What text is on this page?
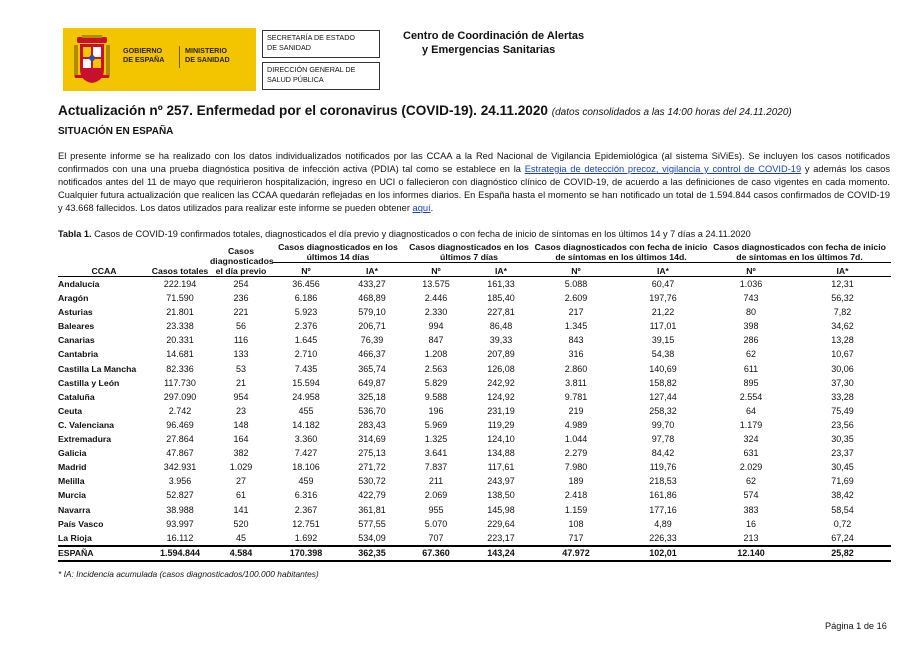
GOBIERNO
DE ESPAÑA
MINISTERIO
DE SANIDAD
SECRETARÍA DE ESTADO
DE SANIDAD
DIRECCIÓN GENERAL DE
SALUD PÚBLICA
Centro de Coordinación de Alertas
y Emergencias Sanitarias
Actualización nº 257. Enfermedad por el coronavirus (COVID-19). 24.11.2020 (datos consolidados a las 14:00 horas del 24.11.2020)
SITUACIÓN EN ESPAÑA
El presente informe se ha realizado con los datos individualizados notificados por las CCAA a la Red Nacional de Vigilancia Epidemiológica (al sistema SiViEs). Se incluyen los casos notificados confirmados con una una prueba diagnóstica positiva de infección activa (PDIA) tal como se establece en la Estrategia de detección precoz, vigilancia y control de COVID-19 y además los casos notificados antes del 11 de mayo que requirieron hospitalización, ingreso en UCI o fallecieron con diagnóstico clínico de COVID-19, de acuerdo a las definiciones de caso vigentes en cada momento. Cualquier futura actualización que realicen las CCAA quedarán reflejadas en los informes diarios. En España hasta el momento se han notificado un total de 1.594.844 casos confirmados de COVID-19 y 43.668 fallecidos. Los datos utilizados para realizar este informe se pueden obtener aquí.
Tabla 1. Casos de COVID-19 confirmados totales, diagnosticados el día previo y diagnosticados o con fecha de inicio de síntomas en los últimos 14 y 7 días a 24.11.2020
CCAA	Casos totales	Casos diagnosticados el día previo	Casos diagnosticados en los últimos 14 días		Casos diagnosticados en los últimos 7 días		Casos diagnosticados con fecha de inicio de síntomas en los últimos 14d.		Casos diagnosticados con fecha de inicio de síntomas en los últimos 7d.	
			Nº	IA*	Nº	IA*	Nº	IA*	Nº	IA*
Andalucía	222.194	254	36.456	433,27	13.575	161,33	5.088	60,47	1.036	12,31
Aragón	71.590	236	6.186	468,89	2.446	185,40	2.609	197,76	743	56,32
Asturias	21.801	221	5.923	579,10	2.330	227,81	217	21,22	80	7,82
Baleares	23.338	56	2.376	206,71	994	86,48	1.345	117,01	398	34,62
Canarias	20.331	116	1.645	76,39	847	39,33	843	39,15	286	13,28
Cantabria	14.681	133	2.710	466,37	1.208	207,89	316	54,38	62	10,67
Castilla La Mancha	82.336	53	7.435	365,74	2.563	126,08	2.860	140,69	611	30,06
Castilla y León	117.730	21	15.594	649,87	5.829	242,92	3.811	158,82	895	37,30
Cataluña	297.090	954	24.958	325,18	9.588	124,92	9.781	127,44	2.554	33,28
Ceuta	2.742	23	455	536,70	196	231,19	219	258,32	64	75,49
C. Valenciana	96.469	148	14.182	283,43	5.969	119,29	4.989	99,70	1.179	23,56
Extremadura	27.864	164	3.360	314,69	1.325	124,10	1.044	97,78	324	30,35
Galicia	47.867	382	7.427	275,13	3.641	134,88	2.279	84,42	631	23,37
Madrid	342.931	1.029	18.106	271,72	7.837	117,61	7.980	119,76	2.029	30,45
Melilla	3.956	27	459	530,72	211	243,97	189	218,53	62	71,69
Murcia	52.827	61	6.316	422,79	2.069	138,50	2.418	161,86	574	38,42
Navarra	38.988	141	2.367	361,81	955	145,98	1.159	177,16	383	58,54
País Vasco	93.997	520	12.751	577,55	5.070	229,64	108	4,89	16	0,72
La Rioja	16.112	45	1.692	534,09	707	223,17	717	226,33	213	67,24
ESPAÑA	1.594.844	4.584	170.398	362,35	67.360	143,24	47.972	102,01	12.140	25,82
* IA: Incidencia acumulada (casos diagnosticados/100.000 habitantes)
Página 1 de 16
